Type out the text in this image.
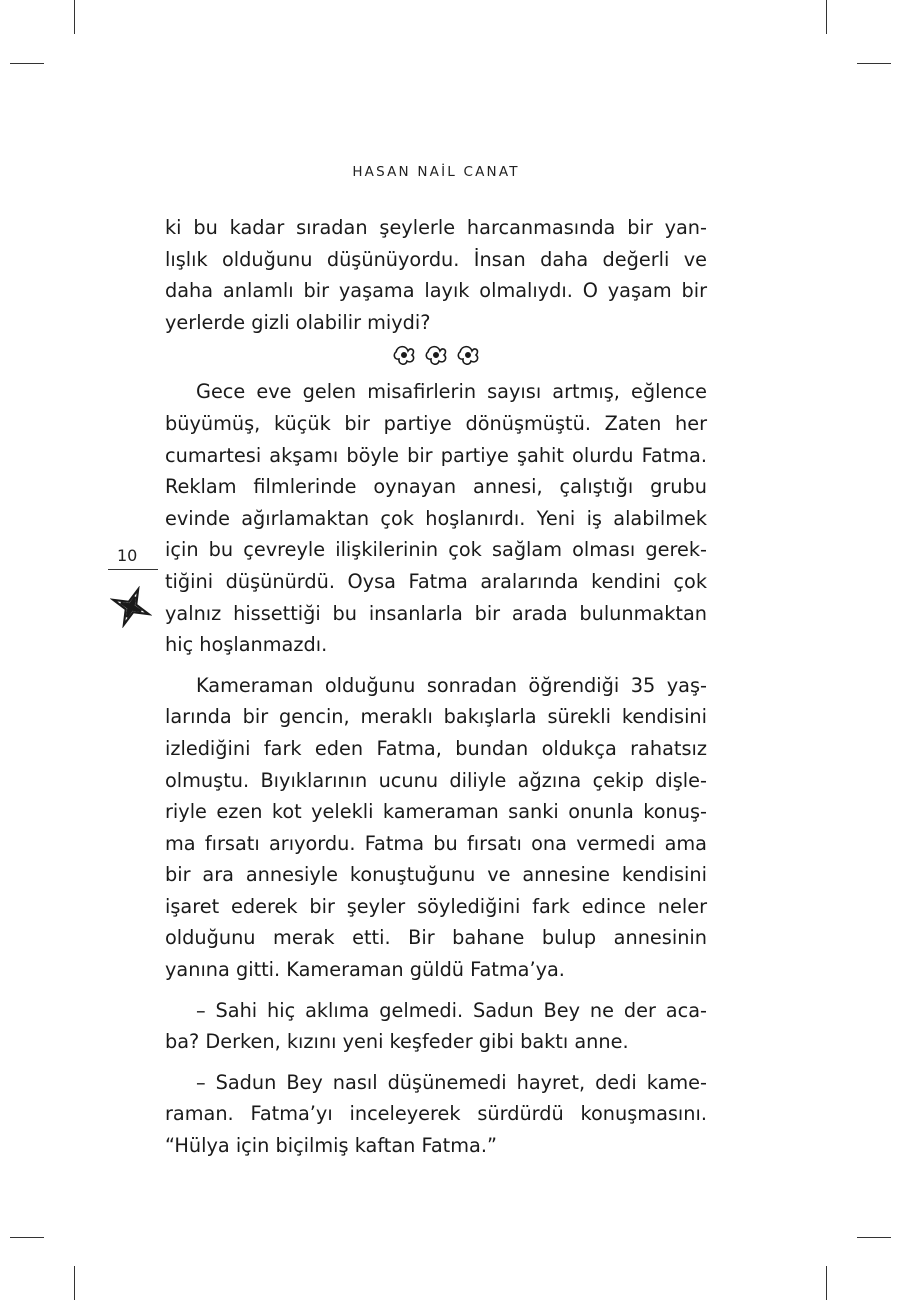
HASAN NAİL CANAT
10

ki bu kadar sıradan şeylerle harcanmasında bir yan-
lışlık olduğunu düşünüyordu. İnsan daha değerli ve
daha anlamlı bir yaşama layık olmalıydı. O yaşam bir
yerlerde gizli olabilir miydi?

Gece eve gelen misafirlerin sayısı artmış, eğlence
büyümüş, küçük bir partiye dönüşmüştü. Zaten her
cumartesi akşamı böyle bir partiye şahit olurdu Fatma.
Reklam filmlerinde oynayan annesi, çalıştığı grubu
evinde ağırlamaktan çok hoşlanırdı. Yeni iş alabilmek
için bu çevreyle ilişkilerinin çok sağlam olması gerek-
tiğini düşünürdü. Oysa Fatma aralarında kendini çok
yalnız hissettiği bu insanlarla bir arada bulunmaktan
hiç hoşlanmazdı.

Kameraman olduğunu sonradan öğrendiği 35 yaş-
larında bir gencin, meraklı bakışlarla sürekli kendisini
izlediğini fark eden Fatma, bundan oldukça rahatsız
olmuştu. Bıyıklarının ucunu diliyle ağzına çekip dişle-
riyle ezen kot yelekli kameraman sanki onunla konuş-
ma fırsatı arıyordu. Fatma bu fırsatı ona vermedi ama
bir ara annesiyle konuştuğunu ve annesine kendisini
işaret ederek bir şeyler söylediğini fark edince neler
olduğunu merak etti. Bir bahane bulup annesinin
yanına gitti. Kameraman güldü Fatma’ya.

– Sahi hiç aklıma gelmedi. Sadun Bey ne der aca-
ba? Derken, kızını yeni keşfeder gibi baktı anne.

– Sadun Bey nasıl düşünemedi hayret, dedi kame-
raman. Fatma’yı inceleyerek sürdürdü konuşmasını.
“Hülya için biçilmiş kaftan Fatma.”
